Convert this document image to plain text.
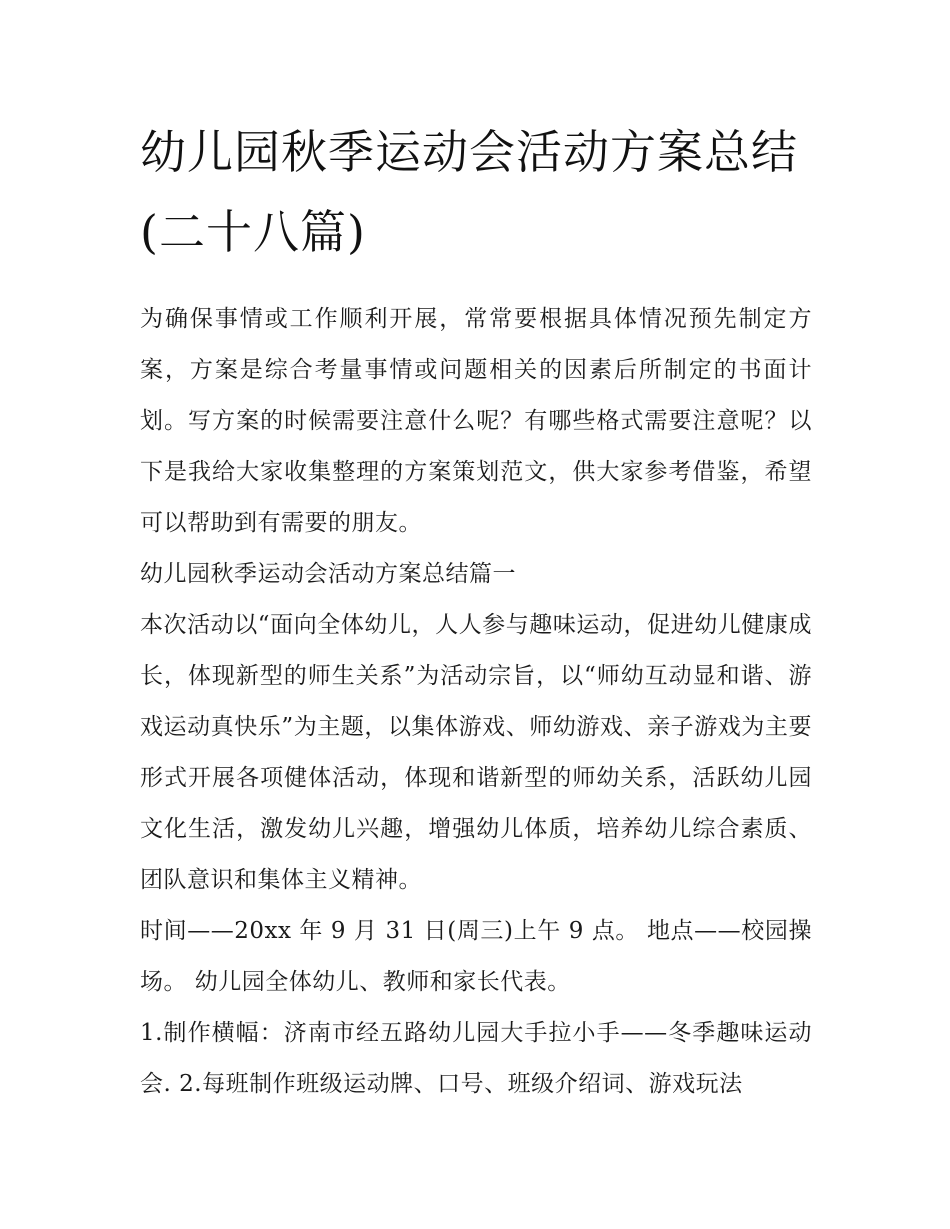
幼儿园秋季运动会活动方案总结(二十八篇)

为确保事情或工作顺利开展，常常要根据具体情况预先制定方案，方案是综合考量事情或问题相关的因素后所制定的书面计划。写方案的时候需要注意什么呢？有哪些格式需要注意呢？以下是我给大家收集整理的方案策划范文，供大家参考借鉴，希望可以帮助到有需要的朋友。

幼儿园秋季运动会活动方案总结篇一

本次活动以“面向全体幼儿，人人参与趣味运动，促进幼儿健康成长，体现新型的师生关系”为活动宗旨，以“师幼互动显和谐、游戏运动真快乐”为主题，以集体游戏、师幼游戏、亲子游戏为主要形式开展各项健体活动，体现和谐新型的师幼关系，活跃幼儿园文化生活，激发幼儿兴趣，增强幼儿体质，培养幼儿综合素质、团队意识和集体主义精神。

时间——20xx 年 9 月 31 日(周三)上午 9 点。 地点——校园操场。 幼儿园全体幼儿、教师和家长代表。

1.制作横幅：济南市经五路幼儿园大手拉小手——冬季趣味运动会. 2.每班制作班级运动牌、口号、班级介绍词、游戏玩法
